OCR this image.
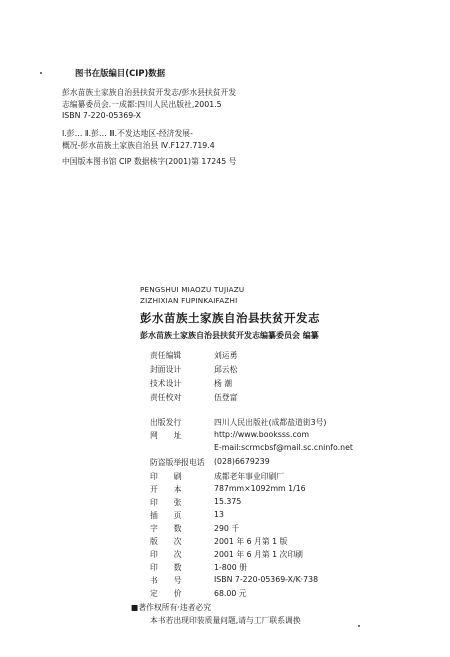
图书在版编目(CIP)数据
彭水苗族土家族自治县扶贫开发志/彭水县扶贫开发
志编纂委员会.一成都:四川人民出版社,2001.5
ISBN 7-220-05369-X
Ⅰ.彭… Ⅱ.彭… Ⅲ.不发达地区-经济发展-
概况-彭水苗族土家族自治县 Ⅳ.F127.719.4
中国版本图书馆 CIP 数据核字(2001)第 17245 号
PENGSHUI MIAOZU TUJIAZU
ZIZHIXIAN FUPINKAIFAZHI
彭水苗族土家族自治县扶贫开发志
彭水苗族土家族自治县扶贫开发志编纂委员会 编纂
责任编辑	刘运勇
封面设计	邱云松
技术设计	杨 潮
责任校对	伍登富
出版发行	四川人民出版社(成都盐道街3号)
网址 http://www.booksss.com
E-mail:scrmcbsf@mail.sc.cninfo.net
防盗版举报电话 (028)6679239
印刷 成都老年事业印刷厂
开本 787mm×1092mm 1/16
印张 15.375
插页 13
字数 290 千
版次 2001 年 6 月第 1 版
印次 2001 年 6 月第 1 次印刷
印数 1-800 册
书号 ISBN 7-220-05369-X/K·738
定价 68.00 元
■著作权所有·违者必究
本书若出现印装质量问题,请与工厂联系调换
